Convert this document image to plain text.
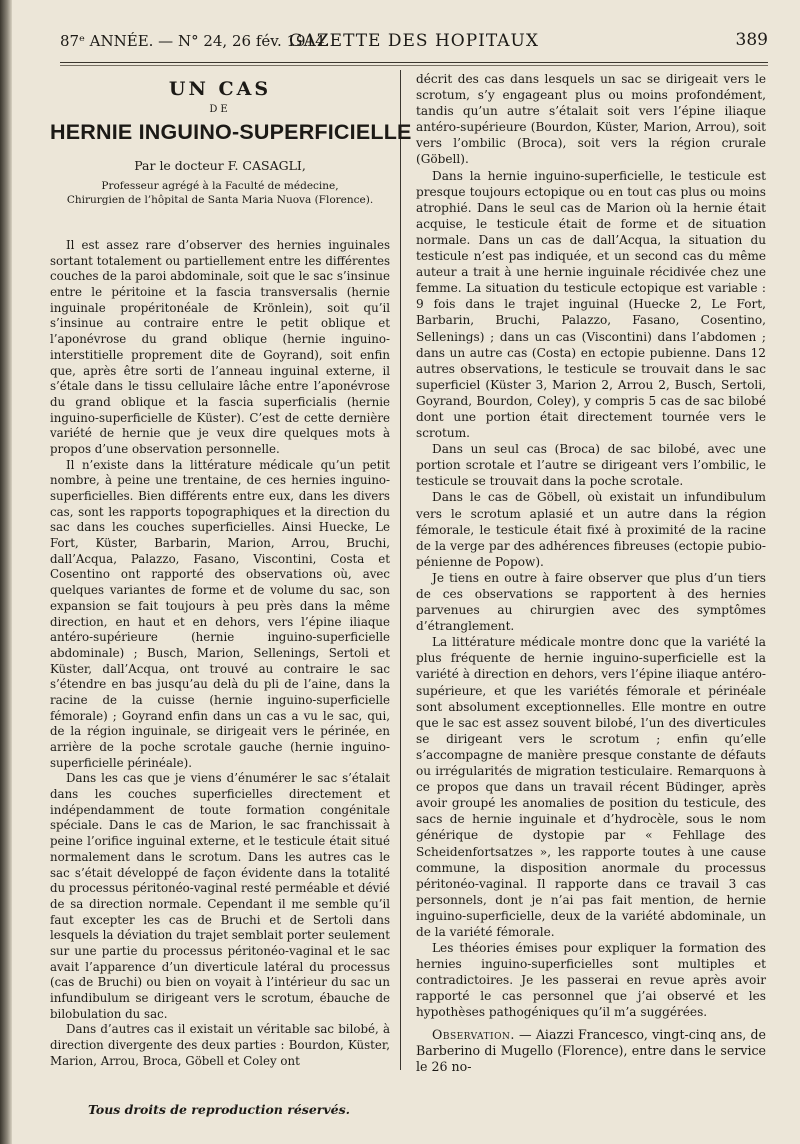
87ᵉ ANNÉE. — N° 24, 26 fév. 1914.
GAZETTE DES HOPITAUX	389
UN CAS
DE
HERNIE INGUINO-SUPERFICIELLE
Par le docteur F. CASAGLI,
Professeur agrégé à la Faculté de médecine,
Chirurgien de l’hôpital de Santa Maria Nuova (Florence).

Il est assez rare d’observer des hernies inguinales sortant totalement ou partiellement entre les différentes couches de la paroi abdominale, soit que le sac s’insinue entre le péritoine et la fascia transversalis (hernie inguinale propéritonéale de Krönlein), soit qu’il s’insinue au contraire entre le petit oblique et l’aponévrose du grand oblique (hernie inguino-interstitielle proprement dite de Goyrand), soit enfin que, après être sorti de l’anneau inguinal externe, il s’étale dans le tissu cellulaire lâche entre l’aponévrose du grand oblique et la fascia superficialis (hernie inguino-superficielle de Küster). C’est de cette dernière variété de hernie que je veux dire quelques mots à propos d’une observation personnelle.

Il n’existe dans la littérature médicale qu’un petit nombre, à peine une trentaine, de ces hernies inguino-superficielles. Bien différents entre eux, dans les divers cas, sont les rapports topographiques et la direction du sac dans les couches superficielles. Ainsi Huecke, Le Fort, Küster, Barbarin, Marion, Arrou, Bruchi, dall’Acqua, Palazzo, Fasano, Viscontini, Costa et Cosentino ont rapporté des observations où, avec quelques variantes de forme et de volume du sac, son expansion se fait toujours à peu près dans la même direction, en haut et en dehors, vers l’épine iliaque antéro-supérieure (hernie inguino-superficielle abdominale) ; Busch, Marion, Sellenings, Sertoli et Küster, dall’Acqua, ont trouvé au contraire le sac s’étendre en bas jusqu’au delà du pli de l’aine, dans la racine de la cuisse (hernie inguino-superficielle fémorale) ; Goyrand enfin dans un cas a vu le sac, qui, de la région inguinale, se dirigeait vers le périnée, en arrière de la poche scrotale gauche (hernie inguino-superficielle périnéale).

Dans les cas que je viens d’énumérer le sac s’étalait dans les couches superficielles directement et indépendamment de toute formation congénitale spéciale. Dans le cas de Marion, le sac franchissait à peine l’orifice inguinal externe, et le testicule était situé normalement dans le scrotum. Dans les autres cas le sac s’était développé de façon évidente dans la totalité du processus péritonéo-vaginal resté perméable et dévié de sa direction normale. Cependant il me semble qu’il faut excepter les cas de Bruchi et de Sertoli dans lesquels la déviation du trajet semblait porter seulement sur une partie du processus péritonéo-vaginal et le sac avait l’apparence d’un diverticule latéral du processus (cas de Bruchi) ou bien on voyait à l’intérieur du sac un infundibulum se dirigeant vers le scrotum, ébauche de bilobulation du sac.

Dans d’autres cas il existait un véritable sac bilobé, à direction divergente des deux parties : Bourdon, Küster, Marion, Arrou, Broca, Göbell et Coley ont

décrit des cas dans lesquels un sac se dirigeait vers le scrotum, s’y engageant plus ou moins profondément, tandis qu’un autre s’étalait soit vers l’épine iliaque antéro-supérieure (Bourdon, Küster, Marion, Arrou), soit vers l’ombilic (Broca), soit vers la région crurale (Göbell).

Dans la hernie inguino-superficielle, le testicule est presque toujours ectopique ou en tout cas plus ou moins atrophié. Dans le seul cas de Marion où la hernie était acquise, le testicule était de forme et de situation normale. Dans un cas de dall’Acqua, la situation du testicule n’est pas indiquée, et un second cas du même auteur a trait à une hernie inguinale récidivée chez une femme. La situation du testicule ectopique est variable : 9 fois dans le trajet inguinal (Huecke 2, Le Fort, Barbarin, Bruchi, Palazzo, Fasano, Cosentino, Sellenings) ; dans un cas (Viscontini) dans l’abdomen ; dans un autre cas (Costa) en ectopie pubienne. Dans 12 autres observations, le testicule se trouvait dans le sac superficiel (Küster 3, Marion 2, Arrou 2, Busch, Sertoli, Goyrand, Bourdon, Coley), y compris 5 cas de sac bilobé dont une portion était directement tournée vers le scrotum.

Dans un seul cas (Broca) de sac bilobé, avec une portion scrotale et l’autre se dirigeant vers l’ombilic, le testicule se trouvait dans la poche scrotale.

Dans le cas de Göbell, où existait un infundibulum vers le scrotum aplasié et un autre dans la région fémorale, le testicule était fixé à proximité de la racine de la verge par des adhérences fibreuses (ectopie pubio-pénienne de Popow).

Je tiens en outre à faire observer que plus d’un tiers de ces observations se rapportent à des hernies parvenues au chirurgien avec des symptômes d’étranglement.

La littérature médicale montre donc que la variété la plus fréquente de hernie inguino-superficielle est la variété à direction en dehors, vers l’épine iliaque antéro-supérieure, et que les variétés fémorale et périnéale sont absolument exceptionnelles. Elle montre en outre que le sac est assez souvent bilobé, l’un des diverticules se dirigeant vers le scrotum ; enfin qu’elle s’accompagne de manière presque constante de défauts ou irrégularités de migration testiculaire. Remarquons à ce propos que dans un travail récent Büdinger, après avoir groupé les anomalies de position du testicule, des sacs de hernie inguinale et d’hydrocèle, sous le nom générique de dystopie par « Fehllage des Scheidenfortsatzes », les rapporte toutes à une cause commune, la disposition anormale du processus péritonéo-vaginal. Il rapporte dans ce travail 3 cas personnels, dont je n’ai pas fait mention, de hernie inguino-superficielle, deux de la variété abdominale, un de la variété fémorale.

Les théories émises pour expliquer la formation des hernies inguino-superficielles sont multiples et contradictoires. Je les passerai en revue après avoir rapporté le cas personnel que j’ai observé et les hypothèses pathogéniques qu’il m’a suggérées.

Observation. — Aiazzi Francesco, vingt-cinq ans, de Barberino di Mugello (Florence), entre dans le service le 26 no-

Tous droits de reproduction réservés.
